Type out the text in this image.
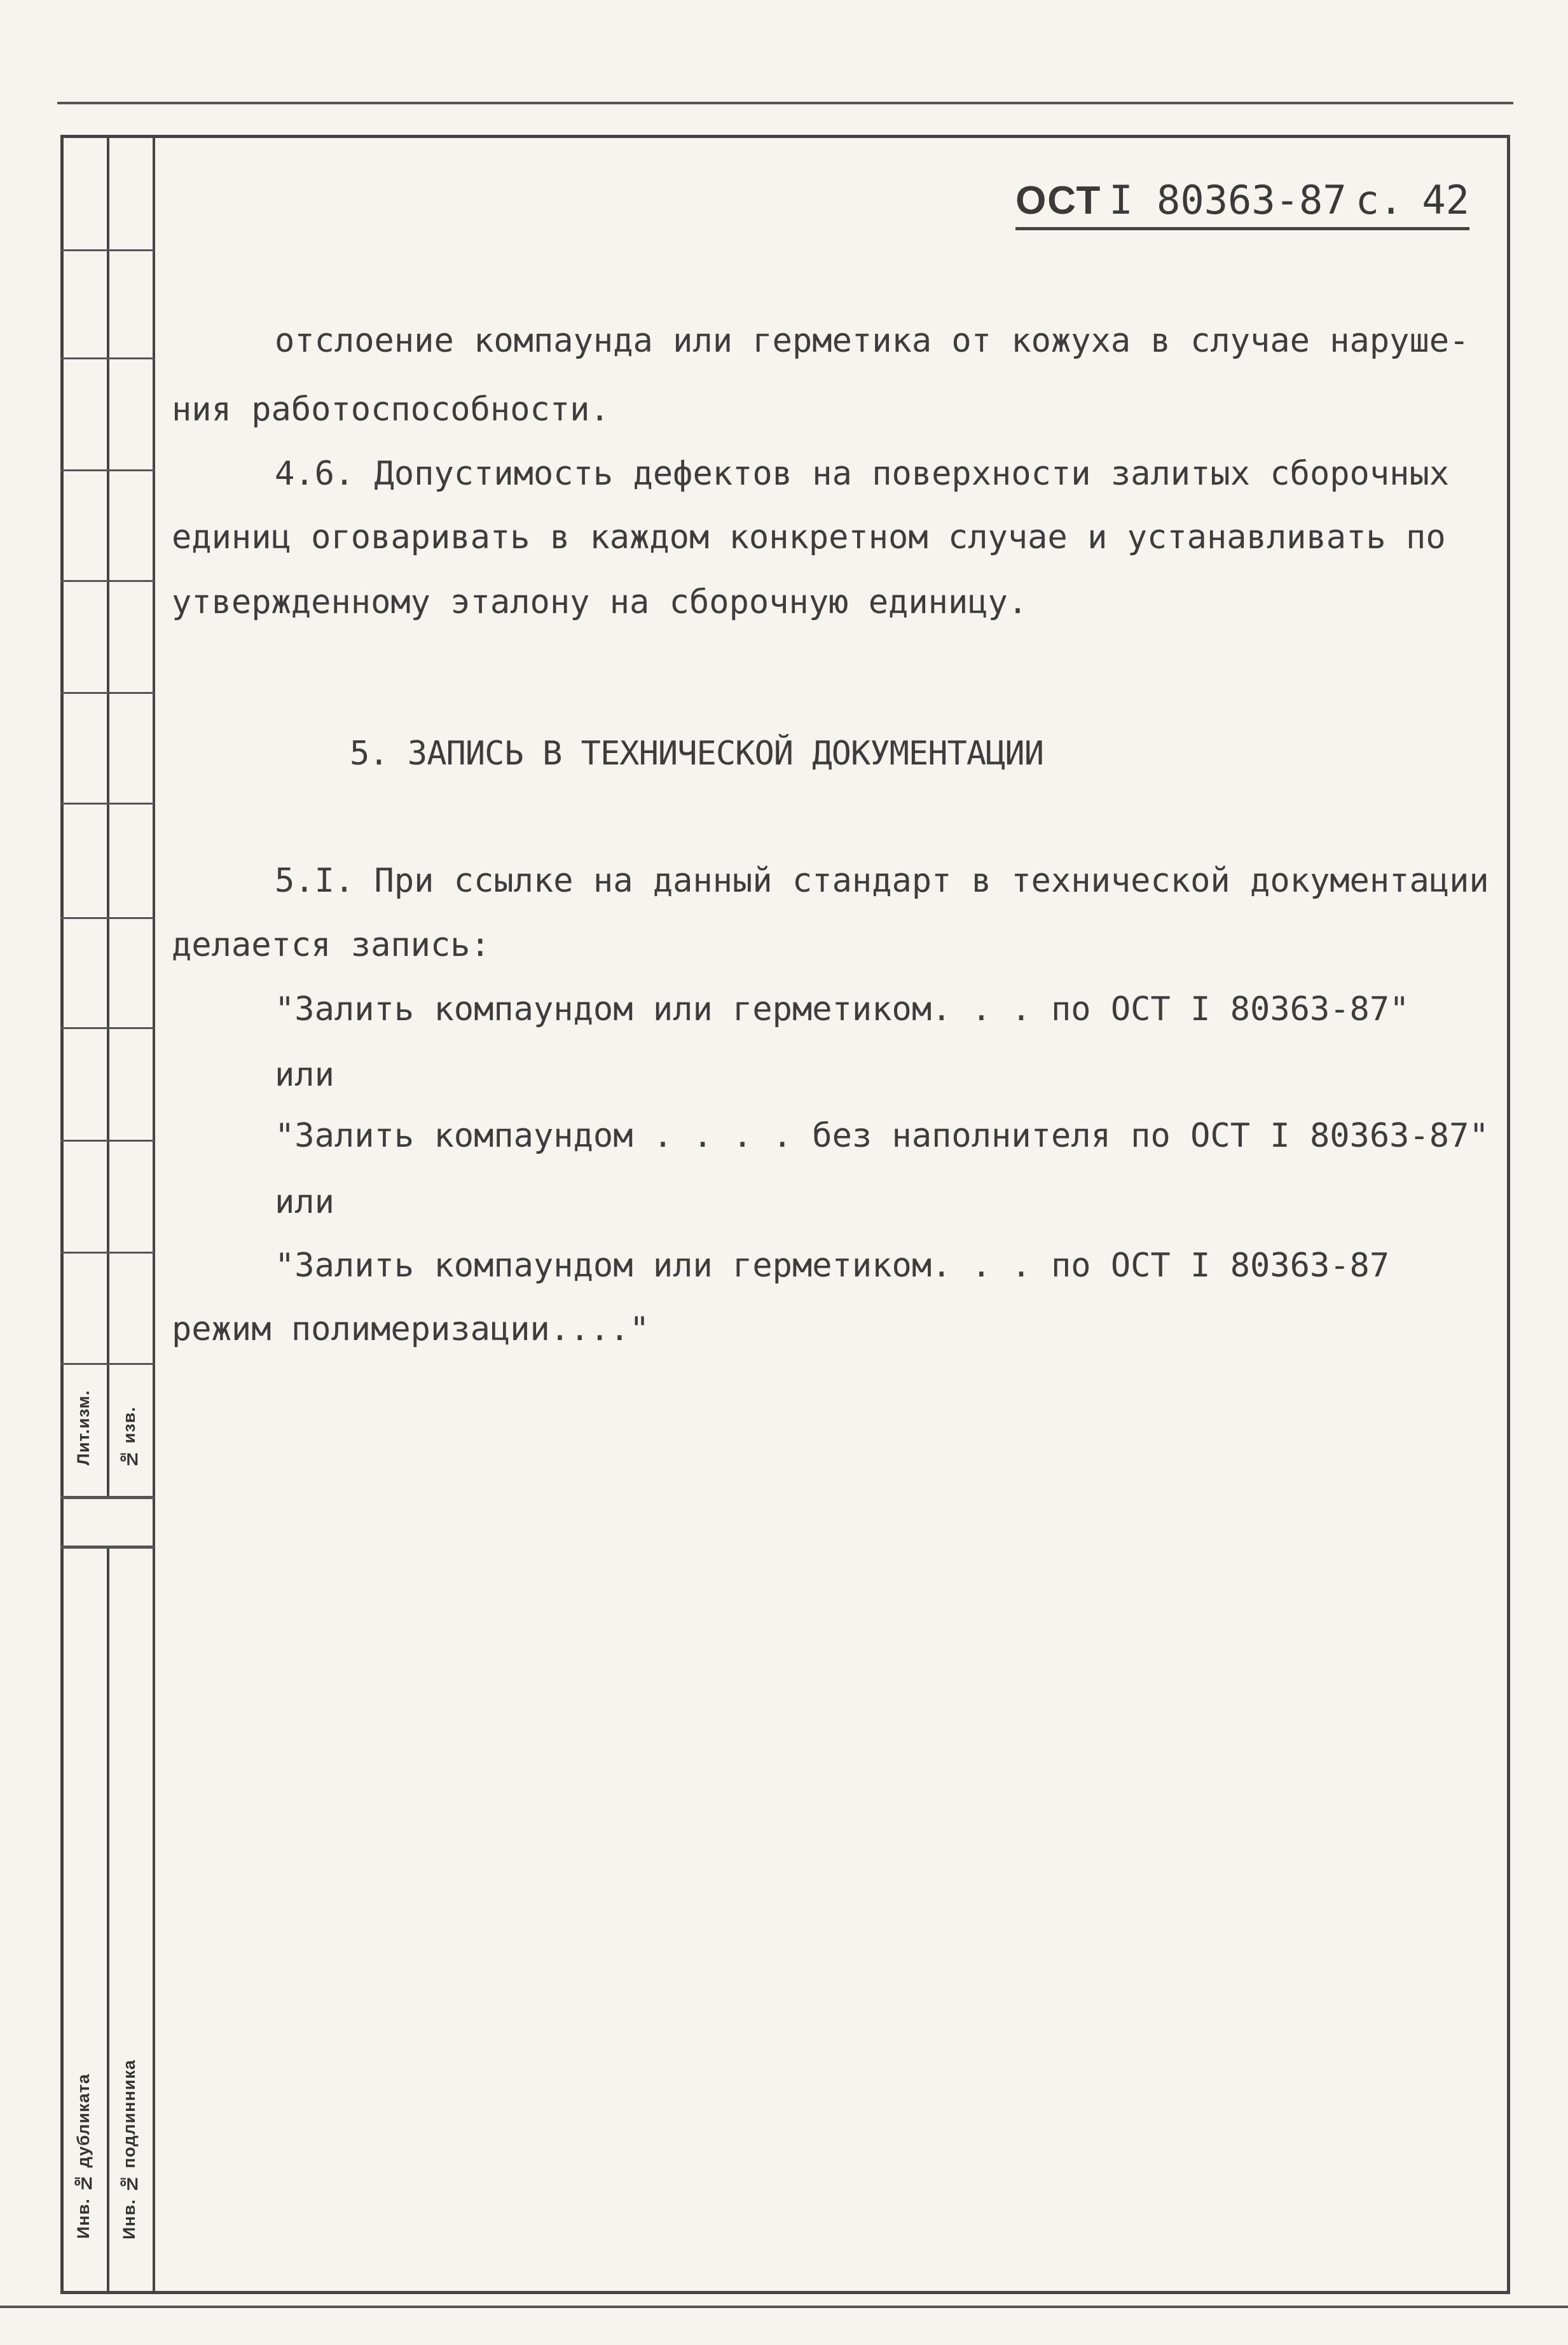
Лит.изм. № изв.
Инв. № дубликата Инв. № подлинника
ОСТ I 80363-87 с. 42
отслоение компаунда или герметика от кожуха в случае наруше-
ния работоспособности.
4.6. Допустимость дефектов на поверхности залитых сборочных
единиц оговаривать в каждом конкретном случае и устанавливать по
утвержденному эталону на сборочную единицу.
5. ЗАПИСЬ В ТЕХНИЧЕСКОЙ ДОКУМЕНТАЦИИ
5.I. При ссылке на данный стандарт в технической документации
делается запись:
"Залить компаундом или герметиком. . . по ОСТ I 80363-87"
или
"Залить компаундом . . . . без наполнителя по ОСТ I 80363-87"
или
"Залить компаундом или герметиком. . . по ОСТ I 80363-87
режим полимеризации...."
